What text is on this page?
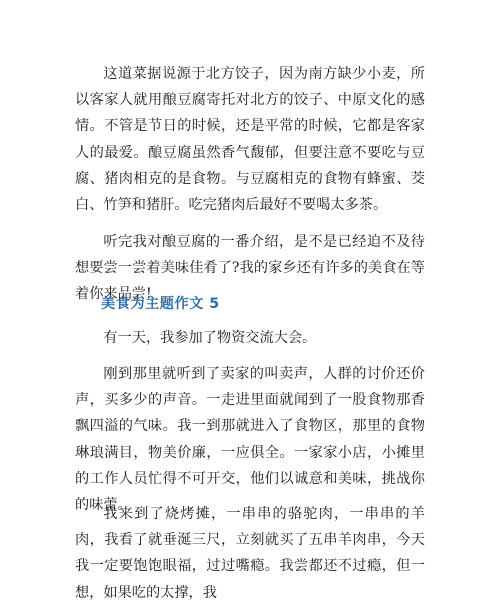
这道菜据说源于北方饺子，因为南方缺少小麦，所以客家人就用酿豆腐寄托对北方的饺子、中原文化的感情。不管是节日的时候，还是平常的时候，它都是客家人的最爱。酿豆腐虽然香气馥郁，但要注意不要吃与豆腐、猪肉相克的是食物。与豆腐相克的食物有蜂蜜、茭白、竹笋和猪肝。吃完猪肉后最好不要喝太多茶。

听完我对酿豆腐的一番介绍，是不是已经迫不及待想要尝一尝着美味佳肴了?我的家乡还有许多的美食在等着你来品尝!

美食为主题作文 5

有一天，我参加了物资交流大会。

刚到那里就听到了卖家的叫卖声，人群的讨价还价声，买多少的声音。一走进里面就闻到了一股食物那香飘四溢的气味。我一到那就进入了食物区，那里的食物琳琅满目，物美价廉，一应俱全。一家家小店，小摊里的工作人员忙得不可开交，他们以诚意和美味，挑战你的味蕾。

我来到了烧烤摊，一串串的骆驼肉，一串串的羊肉，我看了就垂涎三尺，立刻就买了五串羊肉串，今天我一定要饱饱眼福，过过嘴瘾。我尝都还不过瘾，但一想，如果吃的太撑，我
